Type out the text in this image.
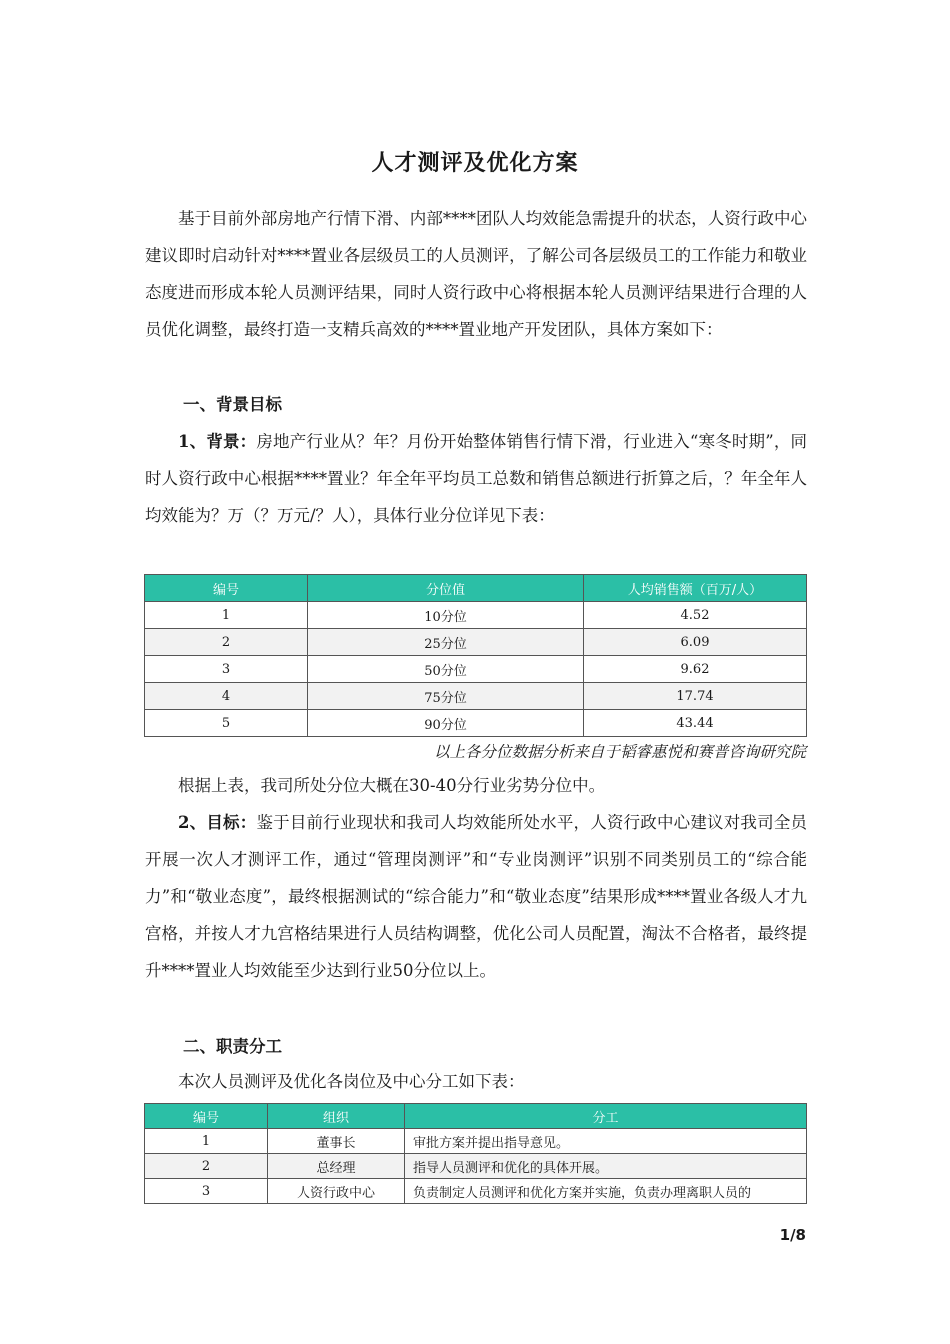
人才测评及优化方案

基于目前外部房地产行情下滑、内部****团队人均效能急需提升的状态，人资行政中心建议即时启动针对****置业各层级员工的人员测评，了解公司各层级员工的工作能力和敬业态度进而形成本轮人员测评结果，同时人资行政中心将根据本轮人员测评结果进行合理的人员优化调整，最终打造一支精兵高效的****置业地产开发团队，具体方案如下：

一、背景目标

1、背景：房地产行业从？年？月份开始整体销售行情下滑，行业进入“寒冬时期”，同时人资行政中心根据****置业？年全年平均员工总数和销售总额进行折算之后，？年全年人均效能为？万（？万元/？人），具体行业分位详见下表：

编号	分位值	人均销售额（百万/人）
1	10分位	4.52
2	25分位	6.09
3	50分位	9.62
4	75分位	17.74
5	90分位	43.44
以上各分位数据分析来自于韬睿惠悦和赛普咨询研究院

根据上表，我司所处分位大概在30-40分行业劣势分位中。

2、目标：鉴于目前行业现状和我司人均效能所处水平，人资行政中心建议对我司全员开展一次人才测评工作，通过“管理岗测评”和“专业岗测评”识别不同类别员工的“综合能力”和“敬业态度”，最终根据测试的“综合能力”和“敬业态度”结果形成****置业各级人才九宫格，并按人才九宫格结果进行人员结构调整，优化公司人员配置，淘汰不合格者，最终提升****置业人均效能至少达到行业50分位以上。

二、职责分工

本次人员测评及优化各岗位及中心分工如下表：

编号	组织	分工
1	董事长	审批方案并提出指导意见。
2	总经理	指导人员测评和优化的具体开展。
3	人资行政中心	负责制定人员测评和优化方案并实施，负责办理离职人员的
1/8
